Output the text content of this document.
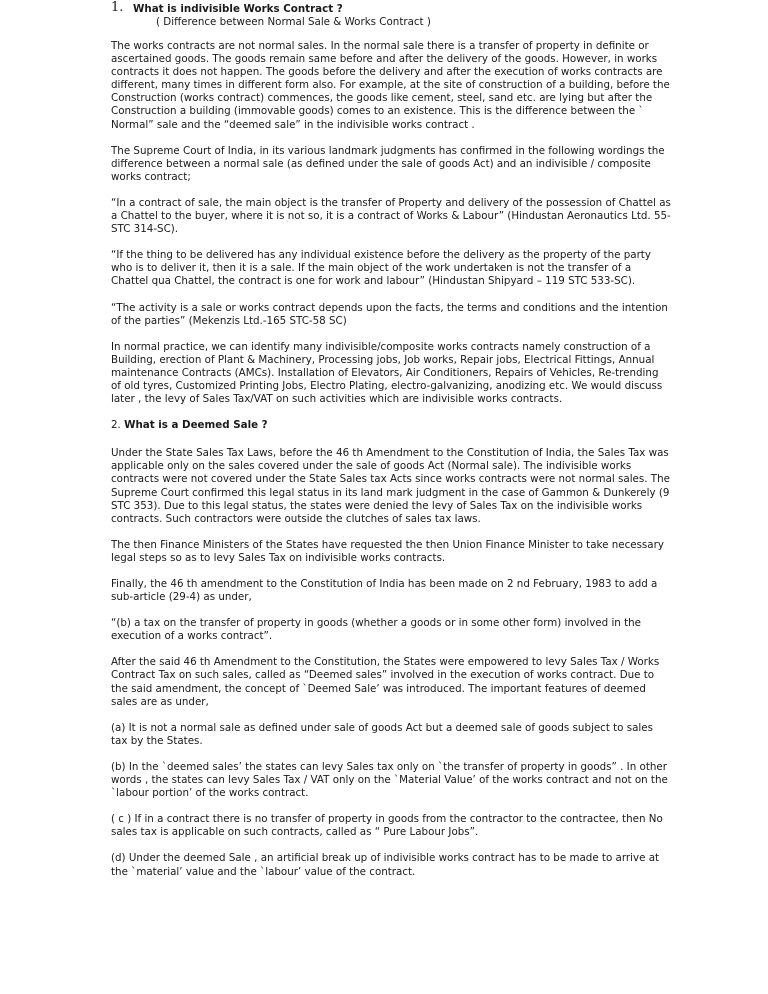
1. What is indivisible Works Contract ?
( Difference between Normal Sale & Works Contract )

The works contracts are not normal sales. In the normal sale there is a transfer of property in definite or ascertained goods. The goods remain same before and after the delivery of the goods. However, in works contracts it does not happen. The goods before the delivery and after the execution of works contracts are different, many times in different form also. For example, at the site of construction of a building, before the Construction (works contract) commences, the goods like cement, steel, sand etc. are lying but after the Construction a building (immovable goods) comes to an existence. This is the difference between the ` Normal” sale and the “deemed sale” in the indivisible works contract .

The Supreme Court of India, in its various landmark judgments has confirmed in the following wordings the difference between a normal sale (as defined under the sale of goods Act) and an indivisible / composite works contract;

“In a contract of sale, the main object is the transfer of Property and delivery of the possession of Chattel as a Chattel to the buyer, where it is not so, it is a contract of Works & Labour” (Hindustan Aeronautics Ltd. 55-STC 314-SC).

“If the thing to be delivered has any individual existence before the delivery as the property of the party who is to deliver it, then it is a sale. If the main object of the work undertaken is not the transfer of a Chattel qua Chattel, the contract is one for work and labour” (Hindustan Shipyard – 119 STC 533-SC).

“The activity is a sale or works contract depends upon the facts, the terms and conditions and the intention of the parties” (Mekenzis Ltd.-165 STC-58 SC)

In normal practice, we can identify many indivisible/composite works contracts namely construction of a Building, erection of Plant & Machinery, Processing jobs, Job works, Repair jobs, Electrical Fittings, Annual maintenance Contracts (AMCs). Installation of Elevators, Air Conditioners, Repairs of Vehicles, Re-trending of old tyres, Customized Printing Jobs, Electro Plating, electro-galvanizing, anodizing etc. We would discuss later , the levy of Sales Tax/VAT on such activities which are indivisible works contracts.

2. What is a Deemed Sale ?

Under the State Sales Tax Laws, before the 46 th Amendment to the Constitution of India, the Sales Tax was applicable only on the sales covered under the sale of goods Act (Normal sale). The indivisible works contracts were not covered under the State Sales tax Acts since works contracts were not normal sales. The Supreme Court confirmed this legal status in its land mark judgment in the case of Gammon & Dunkerely (9 STC 353). Due to this legal status, the states were denied the levy of Sales Tax on the indivisible works contracts. Such contractors were outside the clutches of sales tax laws.

The then Finance Ministers of the States have requested the then Union Finance Minister to take necessary legal steps so as to levy Sales Tax on indivisible works contracts.

Finally, the 46 th amendment to the Constitution of India has been made on 2 nd February, 1983 to add a sub-article (29-4) as under,

“(b) a tax on the transfer of property in goods (whether a goods or in some other form) involved in the execution of a works contract”.

After the said 46 th Amendment to the Constitution, the States were empowered to levy Sales Tax / Works Contract Tax on such sales, called as “Deemed sales” involved in the execution of works contract. Due to the said amendment, the concept of `Deemed Sale’ was introduced. The important features of deemed sales are as under,

(a) It is not a normal sale as defined under sale of goods Act but a deemed sale of goods subject to sales tax by the States.

(b) In the `deemed sales’ the states can levy Sales tax only on `the transfer of property in goods” . In other words , the states can levy Sales Tax / VAT only on the `Material Value’ of the works contract and not on the `labour portion’ of the works contract.

( c ) If in a contract there is no transfer of property in goods from the contractor to the contractee, then No sales tax is applicable on such contracts, called as “ Pure Labour Jobs”.

(d) Under the deemed Sale , an artificial break up of indivisible works contract has to be made to arrive at the `material’ value and the `labour’ value of the contract.
